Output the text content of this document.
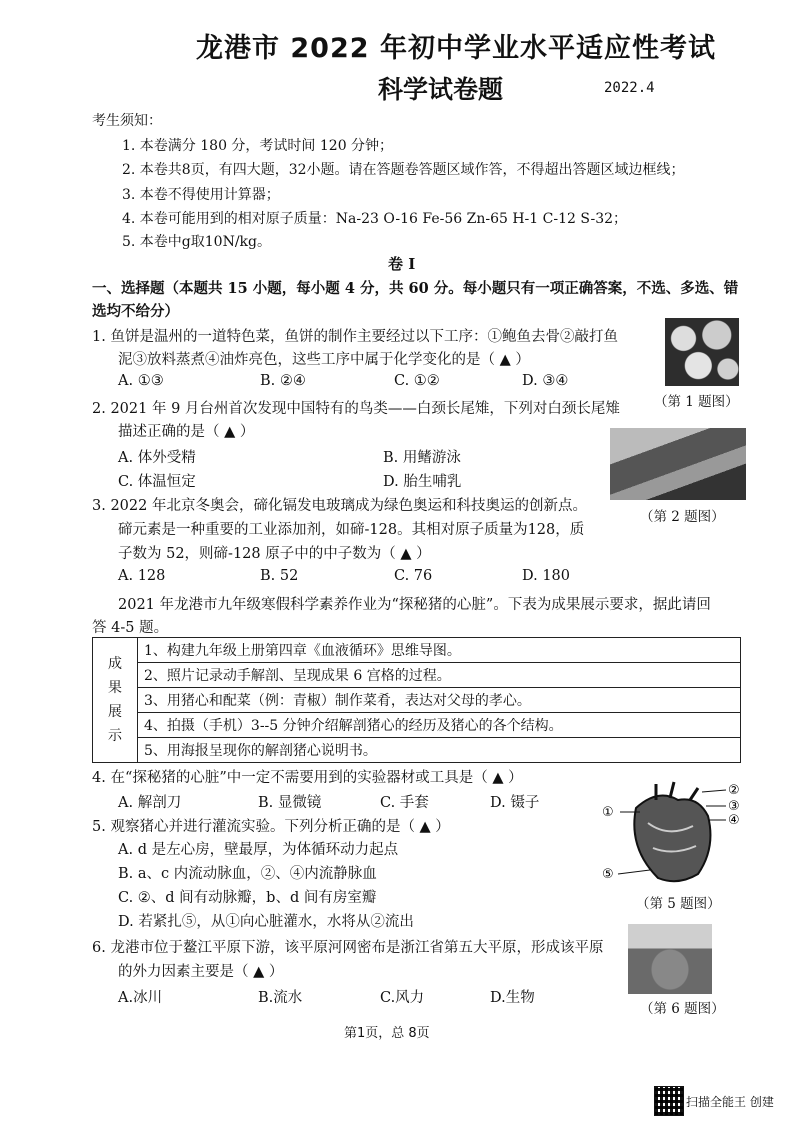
龙港市 2022 年初中学业水平适应性考试
科学试卷题	2022.4
考生须知：
1. 本卷满分 180 分，考试时间 120 分钟；
2. 本卷共8页，有四大题，32小题。请在答题卷答题区域作答，不得超出答题区域边框线；
3. 本卷不得使用计算器；
4. 本卷可能用到的相对原子质量：Na-23 O-16 Fe-56 Zn-65 H-1 C-12 S-32；
5. 本卷中g取10N/kg。
卷 Ⅰ
一、选择题（本题共 15 小题，每小题 4 分，共 60 分。每小题只有一项正确答案，不选、多选、错
选均不给分）
1. 鱼饼是温州的一道特色菜，鱼饼的制作主要经过以下工序：①鲍鱼去骨②敲打鱼
泥③放料蒸煮④油炸亮色，这些工序中属于化学变化的是（ ▲ ）
A. ①③	B. ②④	C. ①②	D. ③④
（第 1 题图）
2. 2021 年 9 月台州首次发现中国特有的鸟类——白颈长尾雉，下列对白颈长尾雉
描述正确的是（ ▲ ）
A. 体外受精	B. 用鳍游泳
C. 体温恒定	D. 胎生哺乳
（第 2 题图）
3. 2022 年北京冬奥会，碲化镉发电玻璃成为绿色奥运和科技奥运的创新点。
碲元素是一种重要的工业添加剂，如碲-128。其相对原子质量为128，质
子数为 52，则碲-128 原子中的中子数为（ ▲ ）
A. 128	B. 52	C. 76	D. 180
2021 年龙港市九年级寒假科学素养作业为“探秘猪的心脏”。下表为成果展示要求，据此请回
答 4-5 题。
成
果
展
示
	1、构建九年级上册第四章《血液循环》思维导图。
2、照片记录动手解剖、呈现成果 6 宫格的过程。
3、用猪心和配菜（例：青椒）制作菜肴，表达对父母的孝心。
4、拍摄（手机）3--5 分钟介绍解剖猪心的经历及猪心的各个结构。
5、用海报呈现你的解剖猪心说明书。
4. 在“探秘猪的心脏”中一定不需要用到的实验器材或工具是（ ▲ ）
A. 解剖刀	B. 显微镜	C. 手套	D. 镊子
5. 观察猪心并进行灌流实验。下列分析正确的是（ ▲ ）
A. d 是左心房，壁最厚，为体循环动力起点
B. a、c 内流动脉血，②、④内流静脉血
C. ②、d 间有动脉瓣，b、d 间有房室瓣
D. 若紧扎⑤，从①向心脏灌水，水将从②流出
②
③
④
①
⑤
（第 5 题图）
6. 龙港市位于鳌江平原下游，该平原河网密布是浙江省第五大平原，形成该平原
的外力因素主要是（ ▲ ）
A.冰川	B.流水	C.风力	D.生物
（第 6 题图）
第1页，总 8页
扫描全能王 创建
